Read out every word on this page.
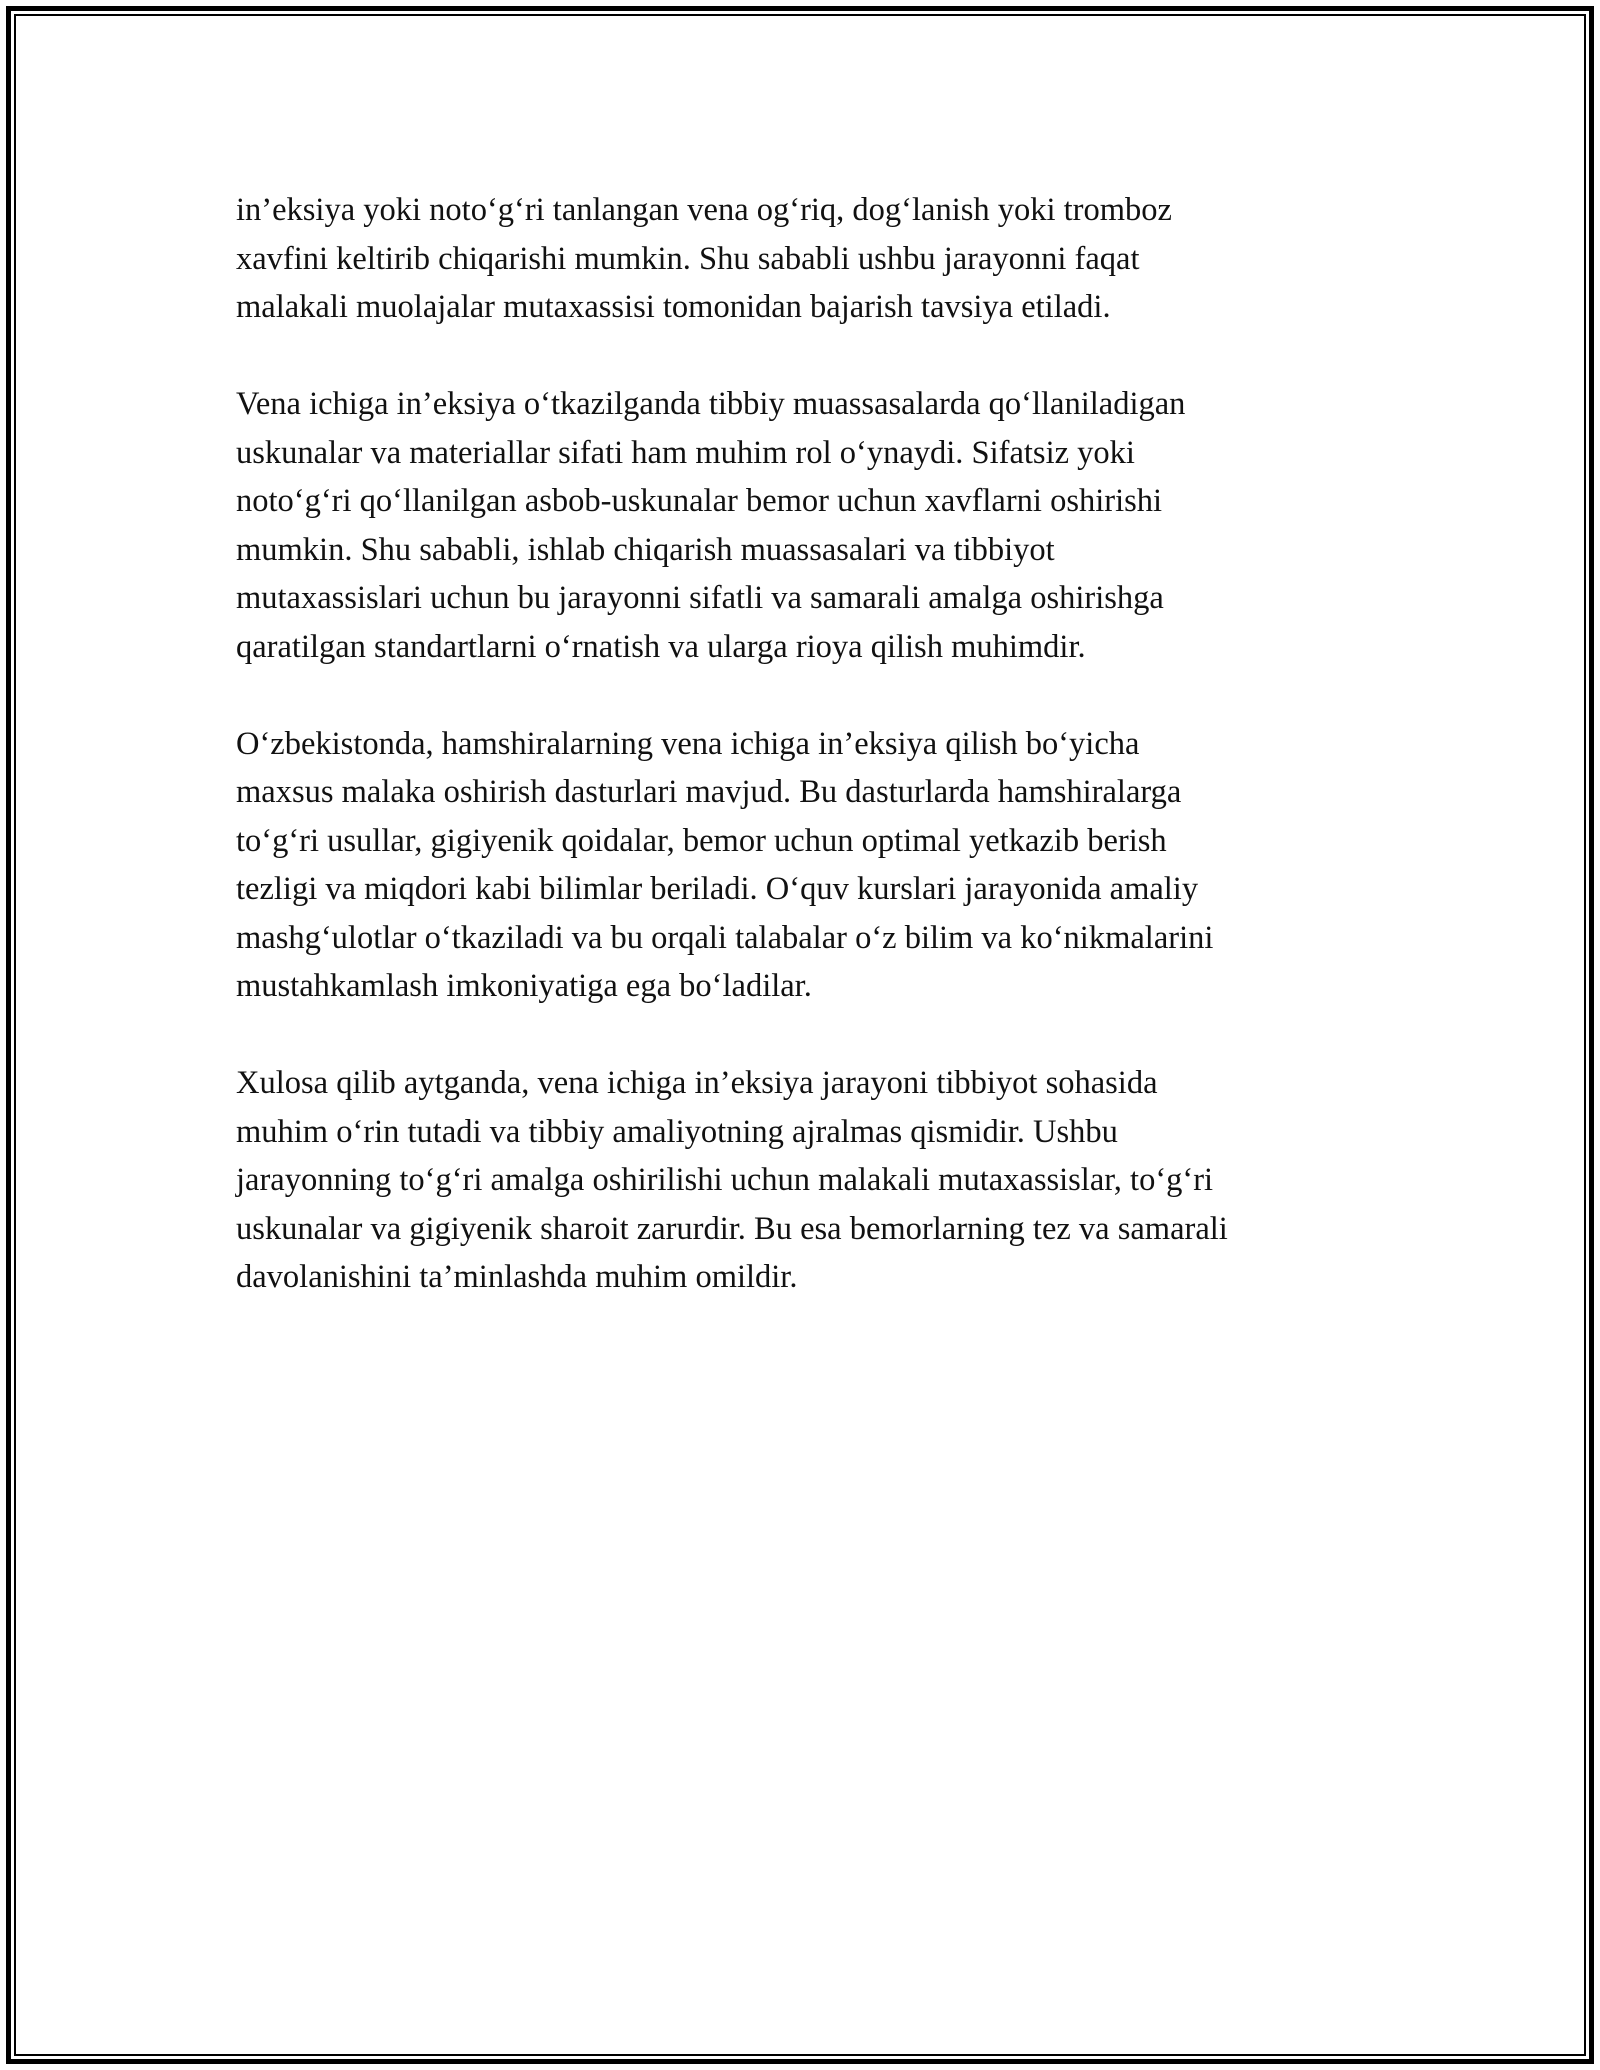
in’eksiya yoki noto‘g‘ri tanlangan vena og‘riq, dog‘lanish yoki tromboz
xavfini keltirib chiqarishi mumkin. Shu sababli ushbu jarayonni faqat
malakali muolajalar mutaxassisi tomonidan bajarish tavsiya etiladi.

Vena ichiga in’eksiya o‘tkazilganda tibbiy muassasalarda qo‘llaniladigan
uskunalar va materiallar sifati ham muhim rol o‘ynaydi. Sifatsiz yoki
noto‘g‘ri qo‘llanilgan asbob-uskunalar bemor uchun xavflarni oshirishi
mumkin. Shu sababli, ishlab chiqarish muassasalari va tibbiyot
mutaxassislari uchun bu jarayonni sifatli va samarali amalga oshirishga
qaratilgan standartlarni o‘rnatish va ularga rioya qilish muhimdir.

O‘zbekistonda, hamshiralarning vena ichiga in’eksiya qilish bo‘yicha
maxsus malaka oshirish dasturlari mavjud. Bu dasturlarda hamshiralarga
to‘g‘ri usullar, gigiyenik qoidalar, bemor uchun optimal yetkazib berish
tezligi va miqdori kabi bilimlar beriladi. O‘quv kurslari jarayonida amaliy
mashg‘ulotlar o‘tkaziladi va bu orqali talabalar o‘z bilim va ko‘nikmalarini
mustahkamlash imkoniyatiga ega bo‘ladilar.

Xulosa qilib aytganda, vena ichiga in’eksiya jarayoni tibbiyot sohasida
muhim o‘rin tutadi va tibbiy amaliyotning ajralmas qismidir. Ushbu
jarayonning to‘g‘ri amalga oshirilishi uchun malakali mutaxassislar, to‘g‘ri
uskunalar va gigiyenik sharoit zarurdir. Bu esa bemorlarning tez va samarali
davolanishini ta’minlashda muhim omildir.
